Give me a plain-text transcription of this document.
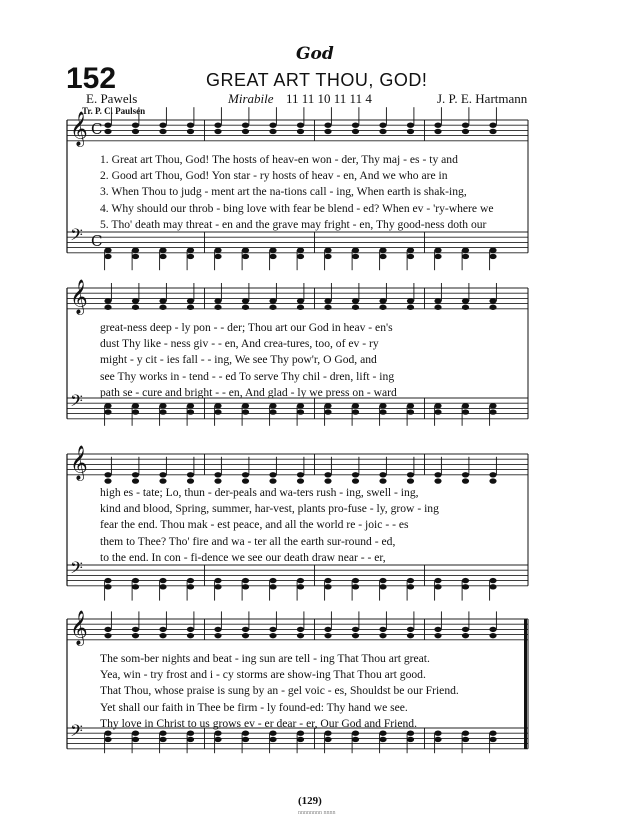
152
God
GREAT ART THOU, GOD!
E. Pawels
Tr. P. C. Paulsen
Mirabile 11 11 10 11 11 4	J. P. E. Hartmann
𝄞
𝄢
𝄞
𝄢
𝄞
𝄢
𝄞
𝄢
C
C
1. Great art Thou, God! The hosts of heav-en won - der, Thy maj - es - ty and
2. Good art Thou, God! Yon star - ry hosts of heav - en, And we who are in
3. When Thou to judg - ment art the na-tions call - ing, When earth is shak-ing,
4. Why should our throb - bing love with fear be blend - ed? When ev - 'ry-where we
5. Tho' death may threat - en and the grave may fright - en, Thy good-ness doth our
great-ness deep - ly pon - - der; Thou art our God in heav - en's
dust Thy like - ness giv - - en, And crea-tures, too, of ev - ry
might - y cit - ies fall - - ing, We see Thy pow'r, O God, and
see Thy works in - tend - - ed To serve Thy chil - dren, lift - ing
path se - cure and bright - - en, And glad - ly we press on - ward
high es - tate; Lo, thun - der-peals and wa-ters rush - ing, swell - ing,
kind and blood, Spring, summer, har-vest, plants pro-fuse - ly, grow - ing
fear the end. Thou mak - est peace, and all the world re - joic - - es
them to Thee? Tho' fire and wa - ter all the earth sur-round - ed,
to the end. In con - fi-dence we see our death draw near - - er,
The som-ber nights and beat - ing sun are tell - ing That Thou art great.
Yea, win - try frost and i - cy storms are show-ing That Thou art good.
That Thou, whose praise is sung by an - gel voic - es, Shouldst be our Friend.
Yet shall our faith in Thee be firm - ly found-ed: Thy hand we see.
Thy love in Christ to us grows ev - er dear - er, Our God and Friend.
(129)
nnnnnnnn nnnn
